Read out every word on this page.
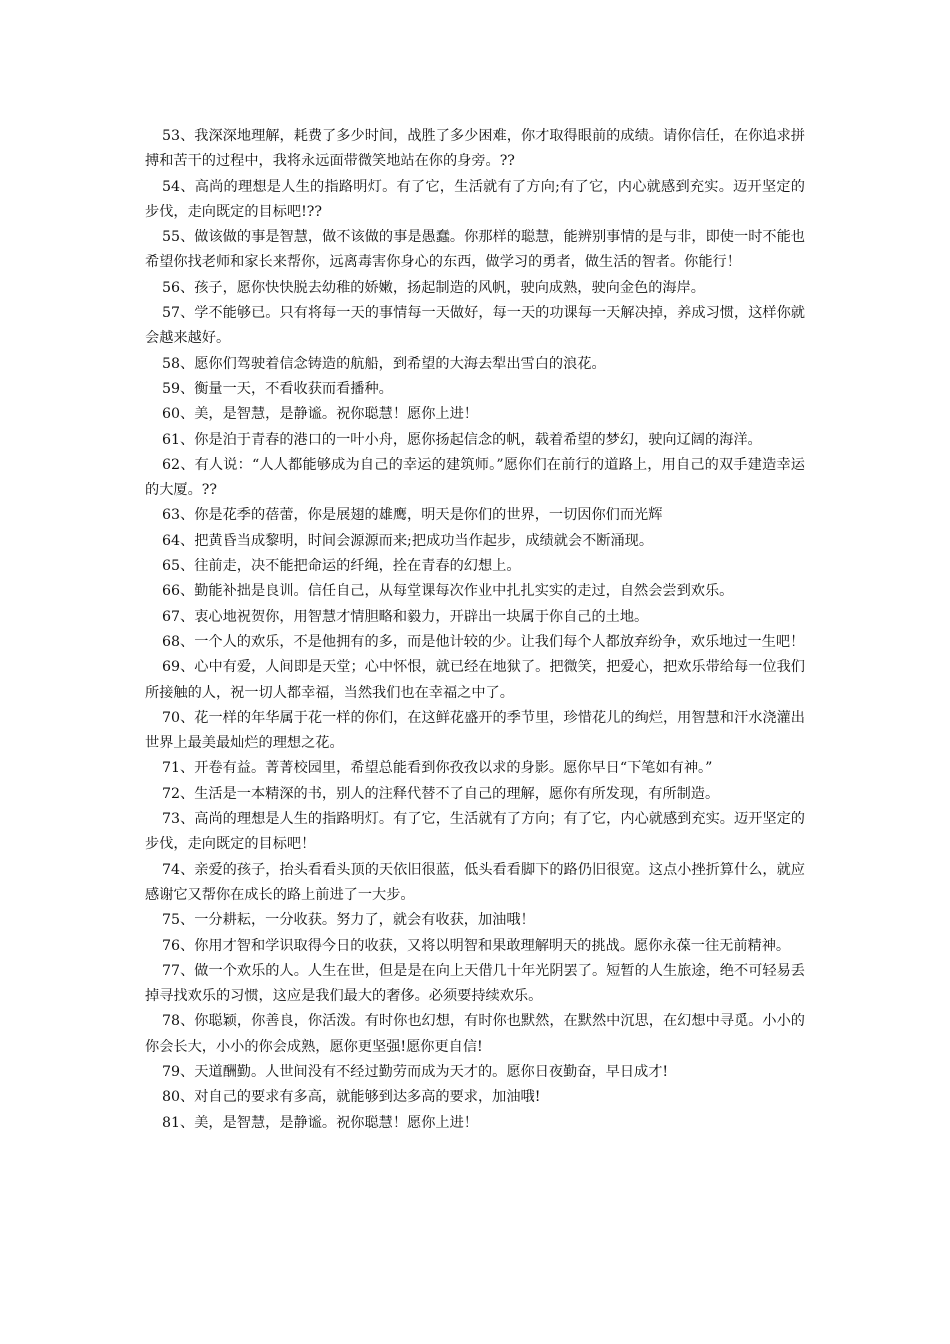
53、我深深地理解，耗费了多少时间，战胜了多少困难，你才取得眼前的成绩。请你信任，在你追求拼搏和苦干的过程中，我将永远面带微笑地站在你的身旁。??

54、高尚的理想是人生的指路明灯。有了它，生活就有了方向;有了它，内心就感到充实。迈开坚定的步伐，走向既定的目标吧!??

55、做该做的事是智慧，做不该做的事是愚蠢。你那样的聪慧，能辨别事情的是与非，即使一时不能也希望你找老师和家长来帮你，远离毒害你身心的东西，做学习的勇者，做生活的智者。你能行！

56、孩子，愿你快快脱去幼稚的娇嫩，扬起制造的风帆，驶向成熟，驶向金色的海岸。

57、学不能够已。只有将每一天的事情每一天做好，每一天的功课每一天解决掉，养成习惯，这样你就会越来越好。

58、愿你们驾驶着信念铸造的航船，到希望的大海去犁出雪白的浪花。

59、衡量一天，不看收获而看播种。

60、美，是智慧，是静谧。祝你聪慧！愿你上进！

61、你是泊于青春的港口的一叶小舟，愿你扬起信念的帆，载着希望的梦幻，驶向辽阔的海洋。

62、有人说：“人人都能够成为自己的幸运的建筑师。”愿你们在前行的道路上，用自己的双手建造幸运的大厦。??

63、你是花季的蓓蕾，你是展翅的雄鹰，明天是你们的世界，一切因你们而光辉

64、把黄昏当成黎明，时间会源源而来;把成功当作起步，成绩就会不断涌现。

65、往前走，决不能把命运的纤绳，拴在青春的幻想上。

66、勤能补拙是良训。信任自己，从每堂课每次作业中扎扎实实的走过，自然会尝到欢乐。

67、衷心地祝贺你，用智慧才情胆略和毅力，开辟出一块属于你自己的土地。

68、一个人的欢乐，不是他拥有的多，而是他计较的少。让我们每个人都放弃纷争，欢乐地过一生吧！

69、心中有爱，人间即是天堂；心中怀恨，就已经在地狱了。把微笑，把爱心，把欢乐带给每一位我们所接触的人，祝一切人都幸福，当然我们也在幸福之中了。

70、花一样的年华属于花一样的你们，在这鲜花盛开的季节里，珍惜花儿的绚烂，用智慧和汗水浇灌出世界上最美最灿烂的理想之花。

71、开卷有益。菁菁校园里，希望总能看到你孜孜以求的身影。愿你早日“下笔如有神。”

72、生活是一本精深的书，别人的注释代替不了自己的理解，愿你有所发现，有所制造。

73、高尚的理想是人生的指路明灯。有了它，生活就有了方向；有了它，内心就感到充实。迈开坚定的步伐，走向既定的目标吧！

74、亲爱的孩子，抬头看看头顶的天依旧很蓝，低头看看脚下的路仍旧很宽。这点小挫折算什么，就应感谢它又帮你在成长的路上前进了一大步。

75、一分耕耘，一分收获。努力了，就会有收获，加油哦！

76、你用才智和学识取得今日的收获，又将以明智和果敢理解明天的挑战。愿你永葆一往无前精神。

77、做一个欢乐的人。人生在世，但是是在向上天借几十年光阴罢了。短暂的人生旅途，绝不可轻易丢掉寻找欢乐的习惯，这应是我们最大的奢侈。必须要持续欢乐。

78、你聪颖，你善良，你活泼。有时你也幻想，有时你也默然，在默然中沉思，在幻想中寻觅。小小的你会长大，小小的你会成熟，愿你更坚强!愿你更自信!

79、天道酬勤。人世间没有不经过勤劳而成为天才的。愿你日夜勤奋，早日成才!

80、对自己的要求有多高，就能够到达多高的要求，加油哦!

81、美，是智慧，是静谧。祝你聪慧！愿你上进！
